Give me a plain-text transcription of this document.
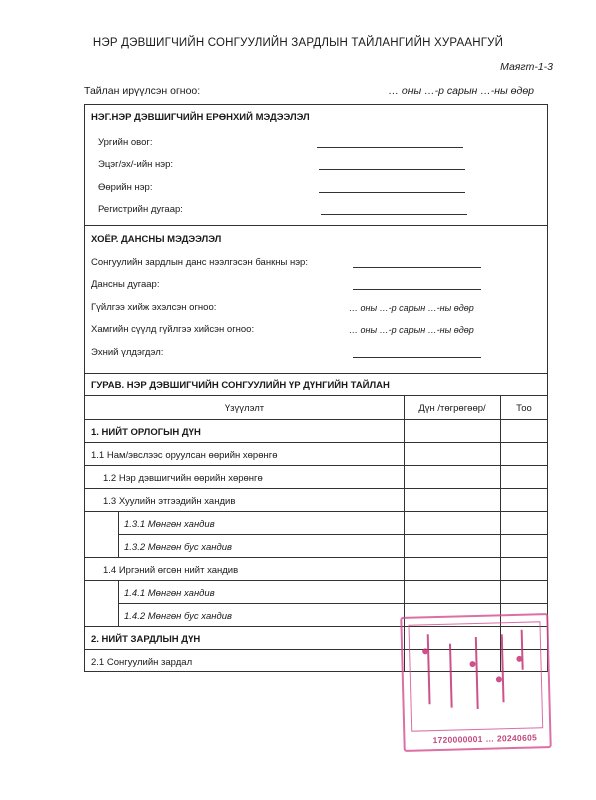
НЭР ДЭВШИГЧИЙН СОНГУУЛИЙН ЗАРДЛЫН ТАЙЛАНГИЙН ХУРААНГУЙ
Маягт-1-3
Тайлан ирүүлсэн огноо:	… оны …-р сарын …-ны өдөр
НЭГ.НЭР ДЭВШИГЧИЙН ЕРӨНХИЙ МЭДЭЭЛЭЛ
Ургийн овог:
Эцэг/эх/-ийн нэр:
Өөрийн нэр:
Регистрийн дугаар:
ХОЁР. ДАНСНЫ МЭДЭЭЛЭЛ
Сонгуулийн зардлын данс нээлгэсэн банкны нэр:
Дансны дугаар:
Гүйлгээ хийж эхэлсэн огноо:	… оны …-р сарын …-ны өдөр
Хамгийн сүүлд гүйлгээ хийсэн огноо:	… оны …-р сарын …-ны өдөр
Эхний үлдэгдэл:
ГУРАВ. НЭР ДЭВШИГЧИЙН СОНГУУЛИЙН ҮР ДҮНГИЙН ТАЙЛАН
Үзүүлэлт	Дүн /төгрөгөөр/	Тоо
1. НИЙТ ОРЛОГЫН ДҮН
1.1 Нам/эвслээс оруулсан өөрийн хөрөнгө
1.2 Нэр дэвшигчийн өөрийн хөрөнгө
1.3 Хуулийн этгээдийн хандив
1.3.1 Мөнгөн хандив
1.3.2 Мөнгөн бус хандив
1.4 Иргэний өгсөн нийт хандив
1.4.1 Мөнгөн хандив
1.4.2 Мөнгөн бус хандив
2. НИЙТ ЗАРДЛЫН ДҮН
2.1 Сонгуулийн зардал
1720000001 … 20240605
